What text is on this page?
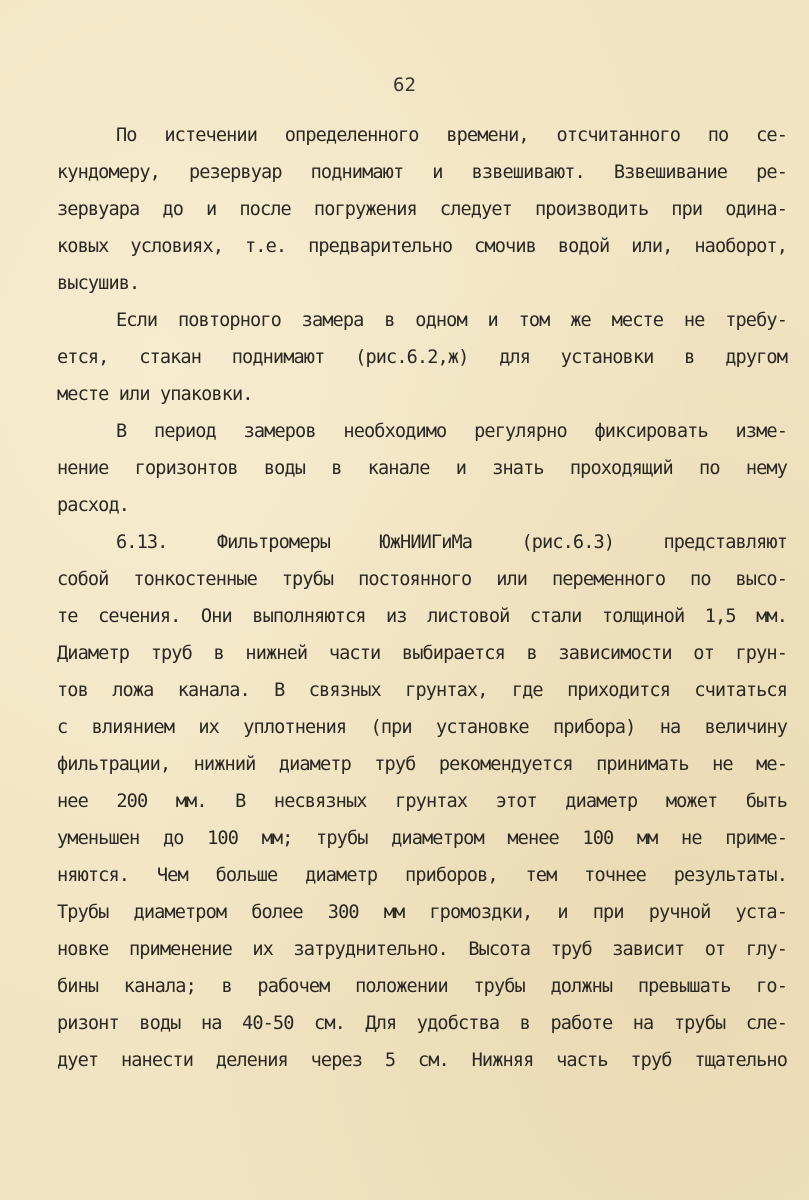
62
По истечении определенного времени, отсчитанного по се-
кундомеру, резервуар поднимают и взвешивают. Взвешивание ре-
зервуара до и после погружения следует производить при одина-
ковых условиях, т.е. предварительно смочив водой или, наоборот,
высушив.
Если повторного замера в одном и том же месте не требу-
ется, стакан поднимают (рис.6.2,ж) для установки в другом
месте или упаковки.
В период замеров необходимо регулярно фиксировать изме-
нение горизонтов воды в канале и знать проходящий по нему
расход.
6.13. Фильтромеры ЮжНИИГиМа (рис.6.3) представляют
собой тонкостенные трубы постоянного или переменного по высо-
те сечения. Они выполняются из листовой стали толщиной 1,5 мм.
Диаметр труб в нижней части выбирается в зависимости от грун-
тов ложа канала. В связных грунтах, где приходится считаться
с влиянием их уплотнения (при установке прибора) на величину
фильтрации, нижний диаметр труб рекомендуется принимать не ме-
нее 200 мм. В несвязных грунтах этот диаметр может быть
уменьшен до 100 мм; трубы диаметром менее 100 мм не приме-
няются. Чем больше диаметр приборов, тем точнее результаты.
Трубы диаметром более 300 мм громоздки, и при ручной уста-
новке применение их затруднительно. Высота труб зависит от глу-
бины канала; в рабочем положении трубы должны превышать го-
ризонт воды на 40-50 см. Для удобства в работе на трубы сле-
дует нанести деления через 5 см. Нижняя часть труб тщательно
